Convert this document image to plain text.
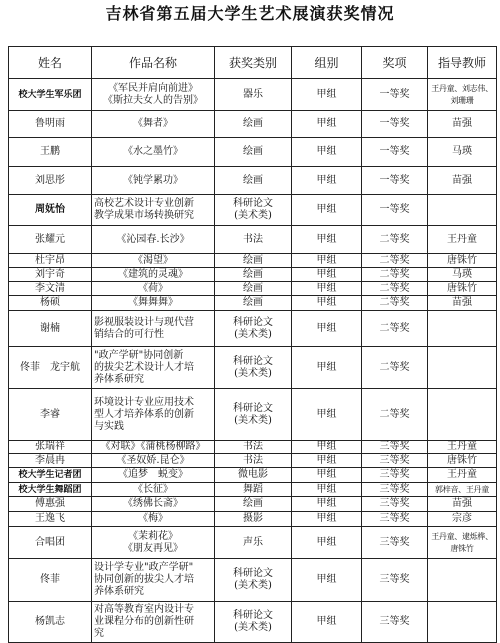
吉林省第五届大学生艺术展演获奖情况
姓名	作品名称	获奖类别	组别	奖项	指导教师
校大学生军乐团	《军民并肩向前进》
《斯拉夫女人的告别》	器乐	甲组	一等奖	王丹童、刘志伟、
刘珊珊
鲁明雨	《舞者》	绘画	甲组	一等奖	苗强
王鹏	《水之墨竹》	绘画	甲组	一等奖	马瑛
刘思彤	《钝学累功》	绘画	甲组	一等奖	苗强
周妩怡	高校艺术设计专业创新
教学成果市场转换研究	科研论文
(美术类)	甲组	一等奖	
张耀元	《沁园春.长沙》	书法	甲组	二等奖	王丹童
杜宇昂	《渴望》	绘画	甲组	二等奖	唐铢竹
刘宇奇	《建筑的灵魂》	绘画	甲组	二等奖	马瑛
李文清	《荷》	绘画	甲组	二等奖	唐铢竹
杨硕	《舞舞舞》	绘画	甲组	二等奖	苗强
谢楠	影视服装设计与现代营
销结合的可行性	科研论文
(美术类)	甲组	二等奖	
佟菲　龙宇航	"政产学研"协同创新
的拔尖艺术设计人才培
养体系研究	科研论文
(美术类)	甲组	二等奖	
李睿	环境设计专业应用技术
型人才培养体系的创新
与实践	科研论文
(美术类)	甲组	二等奖	
张瑞祥	《对联》《蒲桃杨柳路》	书法	甲组	三等奖	王丹童
李晨冉	《圣奴娇.昆仑》	书法	甲组	三等奖	唐铢竹
校大学生记者团	《追梦　蜕变》	微电影	甲组	三等奖	王丹童
校大学生舞蹈团	《长征》	舞蹈	甲组	三等奖	郭梓音、王丹童
傅惠强	《绣佛长斋》	绘画	甲组	三等奖	苗强
王逸飞	《梅》	摄影	甲组	三等奖	宗彦
合唱团	《茉莉花》
《朋友再见》	声乐	甲组	三等奖	王丹童、逮烁桦、
唐铢竹
佟菲	设计学专业"政产学研"
协同创新的拔尖人才培
养体系研究	科研论文
(美术类)	甲组	三等奖	
杨凯志	对高等教育室内设计专
业课程分布的创新性研
究	科研论文
(美术类)	甲组	三等奖	
